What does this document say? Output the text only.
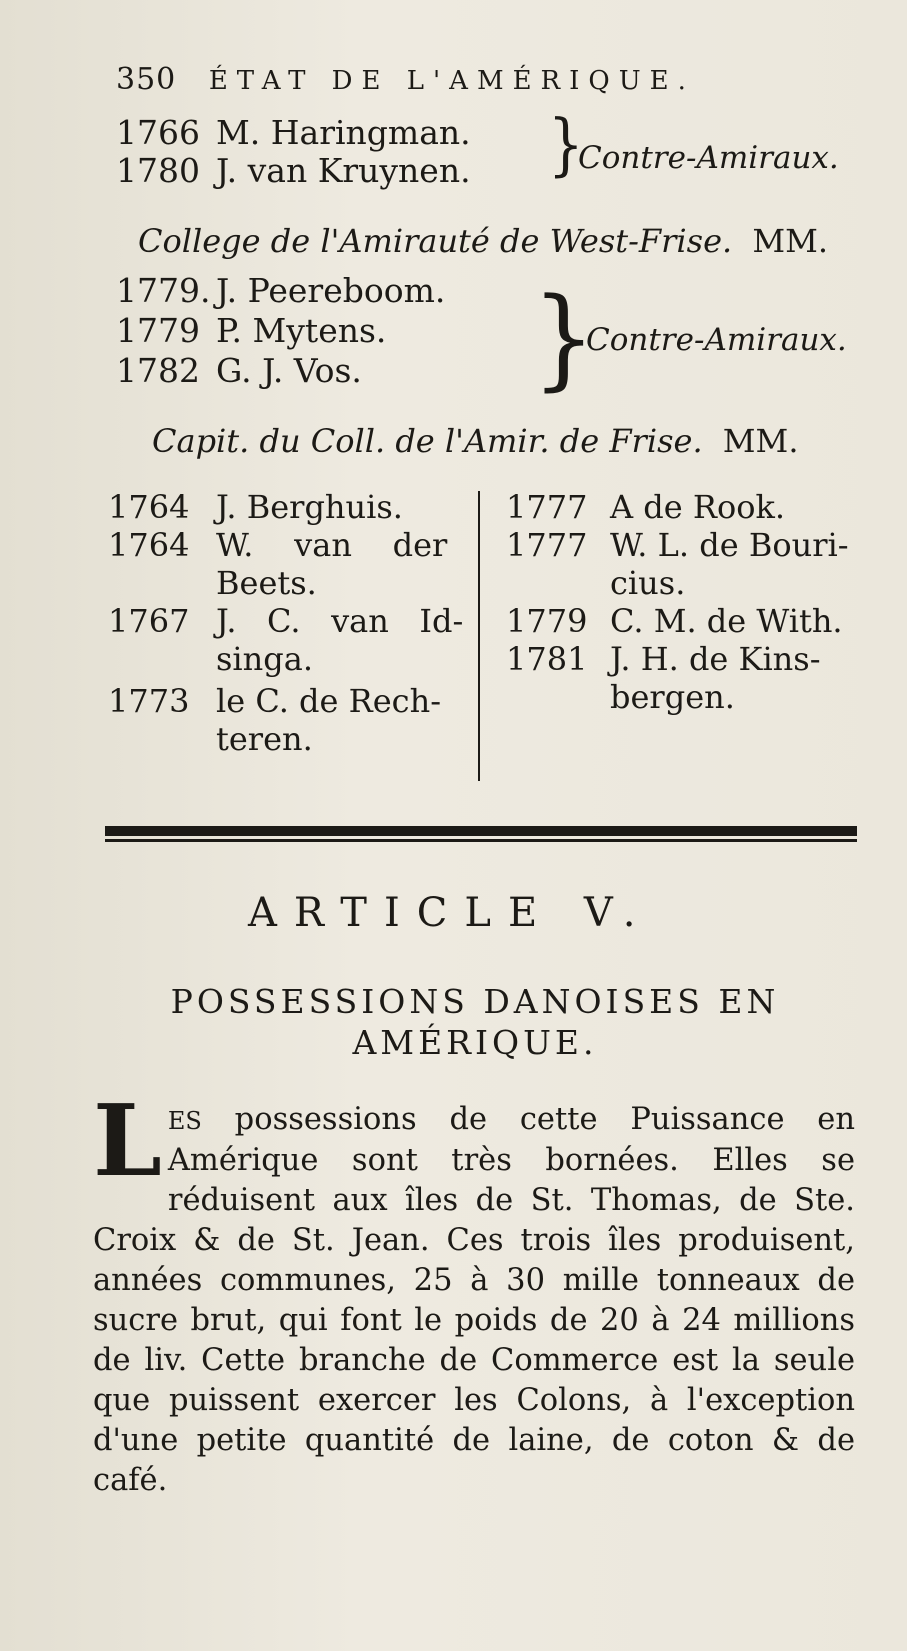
350 ÉTAT DE L'AMÉRIQUE.
1766 M. Haringman.
1780 J. van Kruynen. }
Contre-Amiraux.
College de l'Amirauté de West-Frise. MM.
1779. J. Peereboom.
1779 P. Mytens.
1782 G. J. Vos. }
Contre-Amiraux.
Capit. du Coll. de l'Amir. de Frise. MM.
1764 J. Berghuis.
1764 W.    van    der
Beets.
1767 J.   C.   van   Id-
singa.
1773 le C. de Rech-
teren.
1777 A de Rook.
1777 W. L. de Bouri-
cius.
1779 C. M. de With.
1781 J. H. de Kins-
bergen.
ARTICLE V.
POSSESSIONS DANOISES EN
AMÉRIQUE.
LES possessions de cette Puissance en Amérique sont très bornées. Elles se réduisent aux îles de St. Thomas, de Ste. Croix & de St. Jean. Ces trois îles produisent, années communes, 25 à 30 mille tonneaux de sucre brut, qui font le poids de 20 à 24 millions de liv. Cette branche de Commerce est la seule que puissent exercer les Colons, à l'exception d'une petite quantité de laine, de coton & de café.
